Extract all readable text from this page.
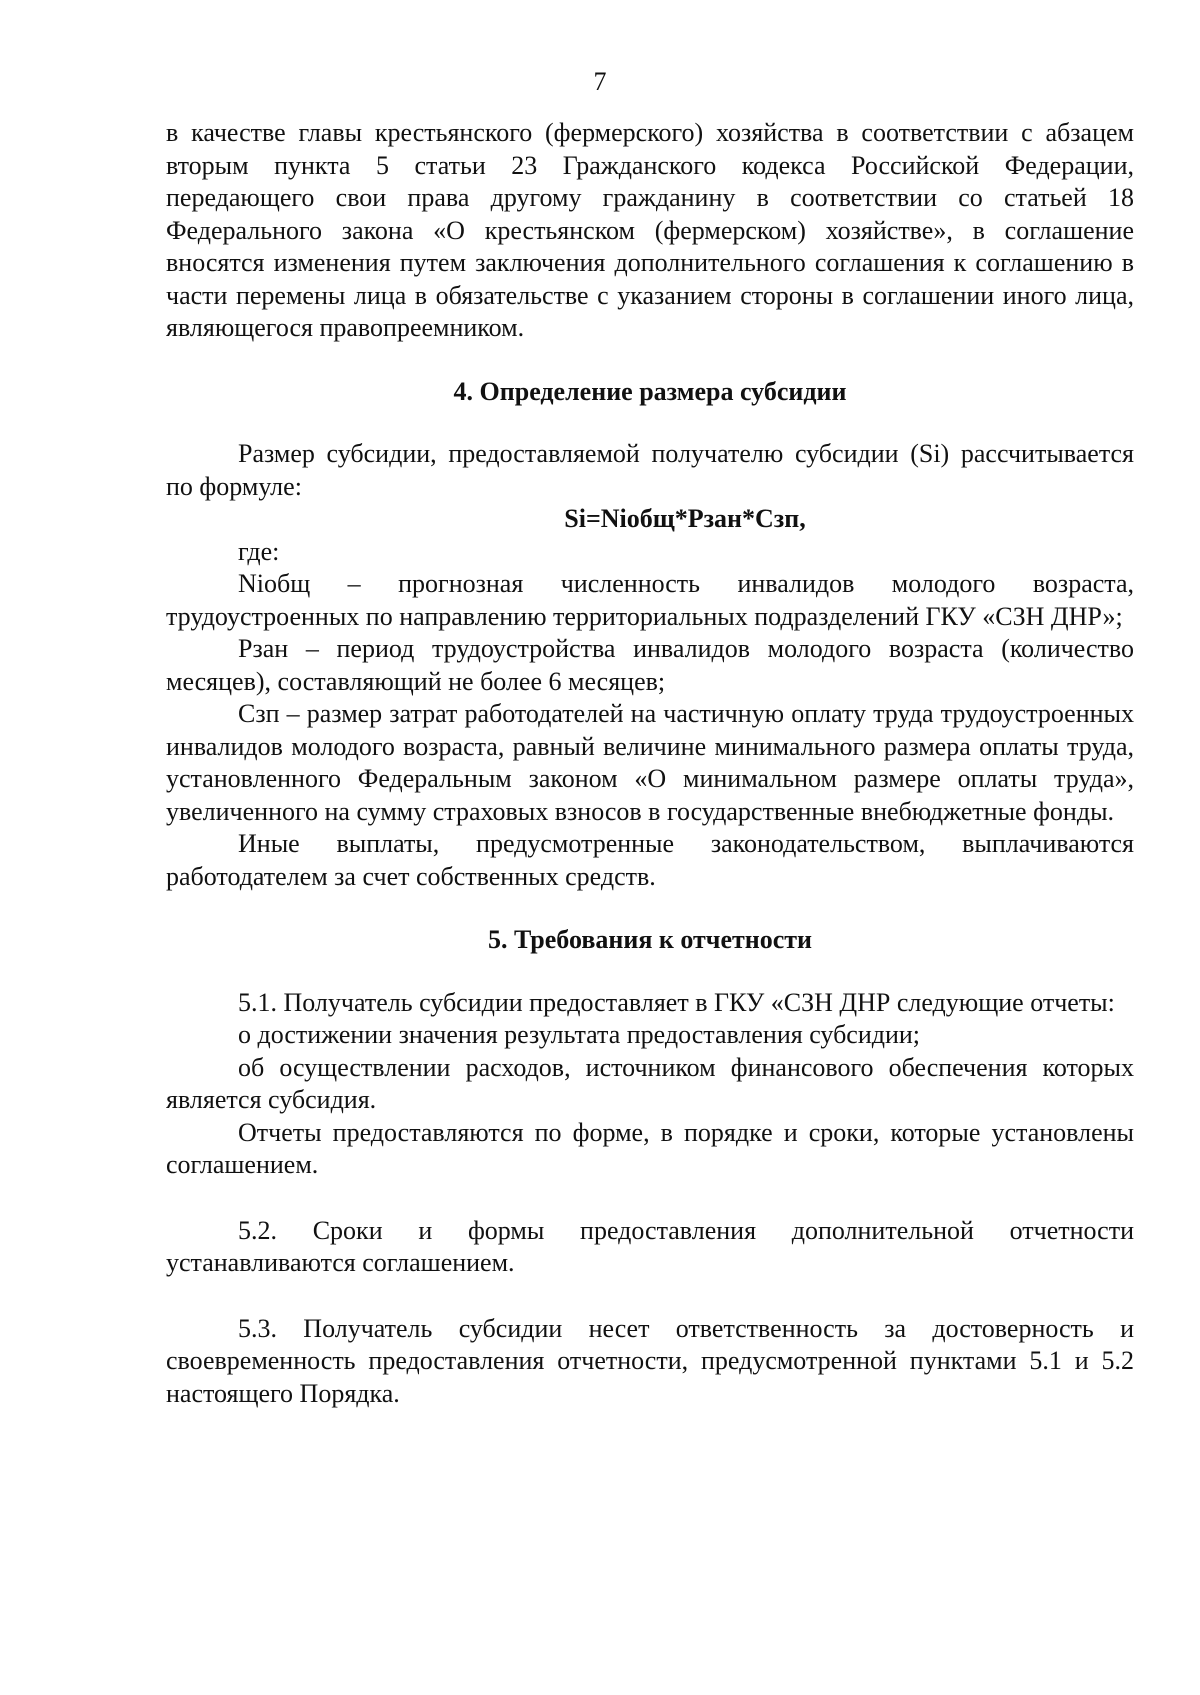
7

в качестве главы крестьянского (фермерского) хозяйства в соответствии с абзацем вторым пункта 5 статьи 23 Гражданского кодекса Российской Федерации, передающего свои права другому гражданину в соответствии со статьей 18 Федерального закона «О крестьянском (фермерском) хозяйстве», в соглашение вносятся изменения путем заключения дополнительного соглашения к соглашению в части перемены лица в обязательстве с указанием стороны в соглашении иного лица, являющегося правопреемником.

4. Определение размера субсидии

Размер субсидии, предоставляемой получателю субсидии (Si) рассчитывается по формуле:

Si=Niобщ*Рзан*Сзп,

где:

Niобщ – прогнозная численность инвалидов молодого возраста, трудоустроенных по направлению территориальных подразделений ГКУ «СЗН ДНР»;

Рзан – период трудоустройства инвалидов молодого возраста (количество месяцев), составляющий не более 6 месяцев;

Сзп – размер затрат работодателей на частичную оплату труда трудоустроенных инвалидов молодого возраста, равный величине минимального размера оплаты труда, установленного Федеральным законом «О минимальном размере оплаты труда», увеличенного на сумму страховых взносов в государственные внебюджетные фонды.

Иные выплаты, предусмотренные законодательством, выплачиваются работодателем за счет собственных средств.

5. Требования к отчетности

5.1. Получатель субсидии предоставляет в ГКУ «СЗН ДНР следующие отчеты:

о достижении значения результата предоставления субсидии;

об осуществлении расходов, источником финансового обеспечения которых является субсидия.

Отчеты предоставляются по форме, в порядке и сроки, которые установлены соглашением.

5.2. Сроки и формы предоставления дополнительной отчетности устанавливаются соглашением.

5.3. Получатель субсидии несет ответственность за достоверность и своевременность предоставления отчетности, предусмотренной пунктами 5.1 и 5.2 настоящего Порядка.
